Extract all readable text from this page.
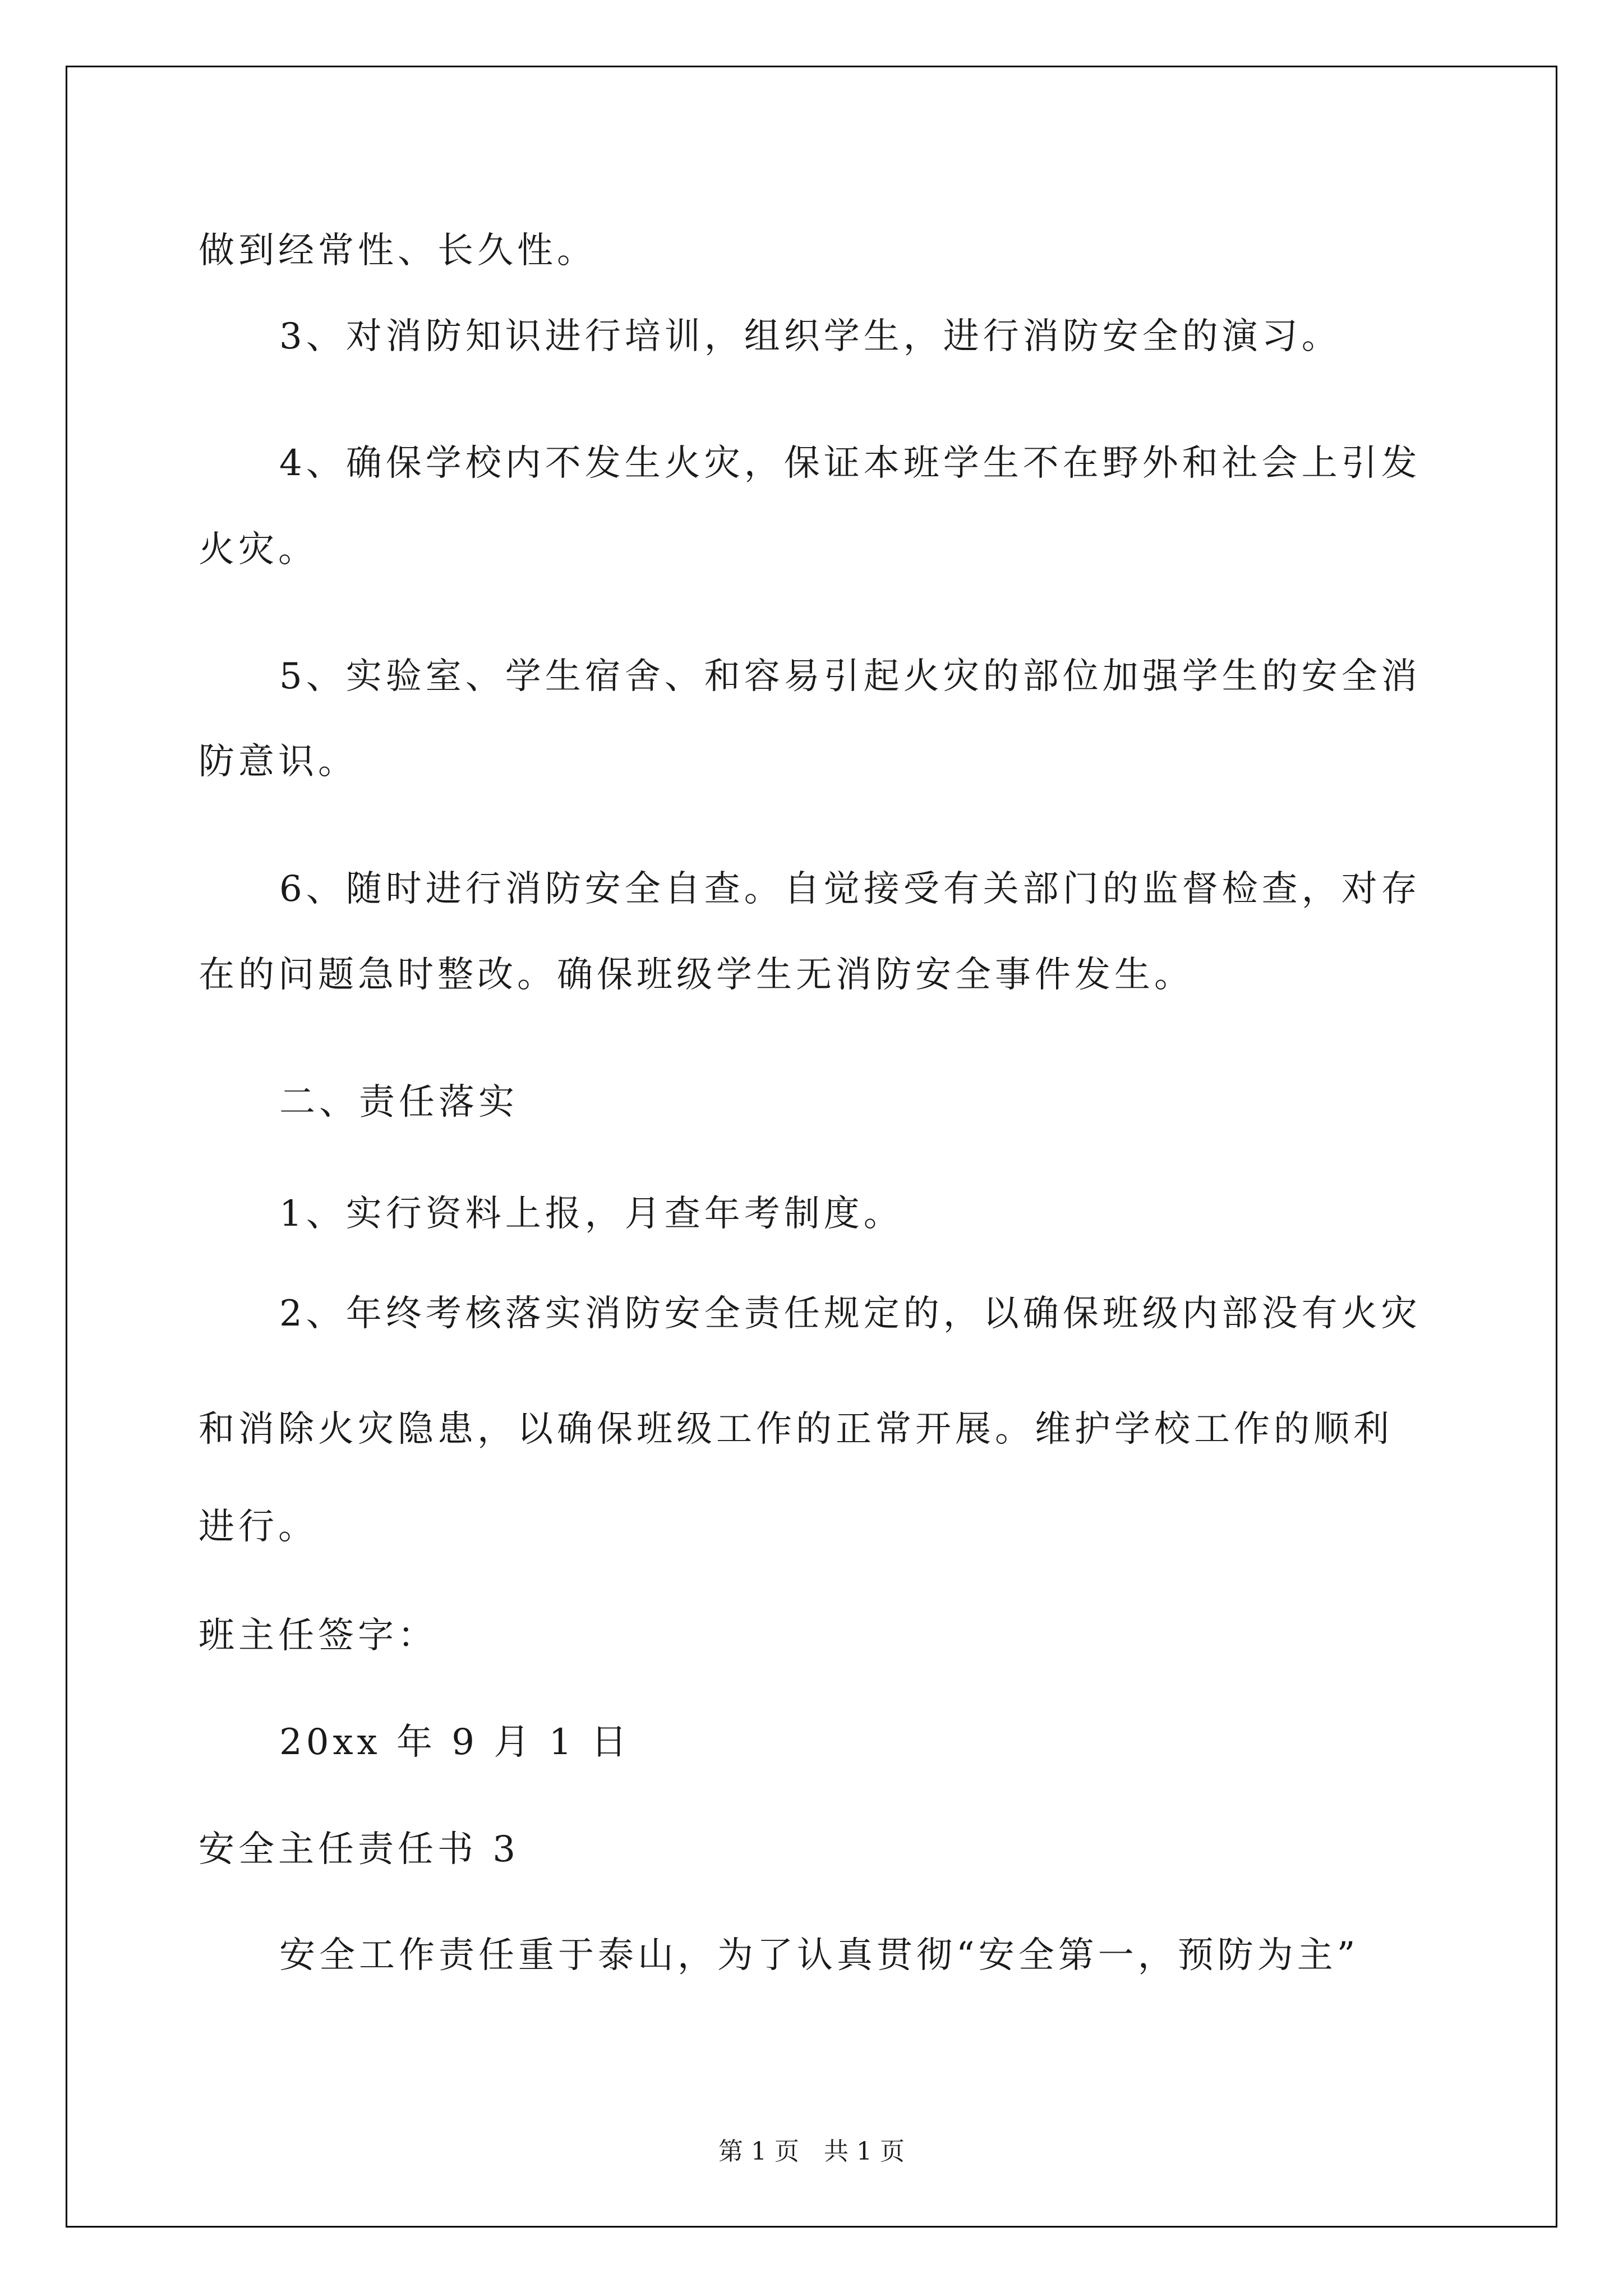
做到经常性、长久性。
3、对消防知识进行培训，组织学生，进行消防安全的演习。
4、确保学校内不发生火灾，保证本班学生不在野外和社会上引发
火灾。
5、实验室、学生宿舍、和容易引起火灾的部位加强学生的安全消
防意识。
6、随时进行消防安全自查。自觉接受有关部门的监督检查，对存
在的问题急时整改。确保班级学生无消防安全事件发生。
二、责任落实
1、实行资料上报，月查年考制度。
2、年终考核落实消防安全责任规定的，以确保班级内部没有火灾
和消除火灾隐患，以确保班级工作的正常开展。维护学校工作的顺利
进行。
班主任签字：
20xx 年 9 月 1 日
安全主任责任书 3
安全工作责任重于泰山，为了认真贯彻“安全第一，预防为主”
第 1 页　共 1 页
